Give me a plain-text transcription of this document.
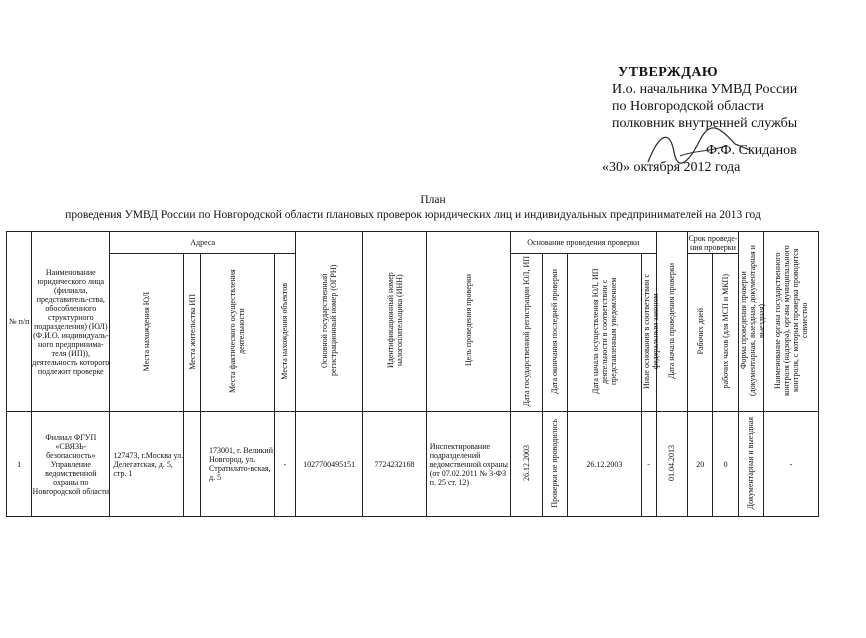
УТВЕРЖДАЮ
И.о. начальника УМВД России
по Новгородской области
полковник внутренней службы
Ф.Ф. Скиданов
«30» октября 2012 года
План
проведения УМВД России по Новгородской области плановых проверок юридических лиц и индивидуальных предпринимателей на 2013 год
№ п/п	Наименование юридического лица (филиала, представитель-ства, обособленного структурного подразделения) (ЮЛ) (Ф.И.О. индивидуаль-ного предпринима-теля (ИП)), деятельность которого подлежит проверке	Адреса				Основной государственный регистрационный номер (ОГРН)	Идентификационный номер налогоплательщика (ИНН)	Цель проведения проверки	Основание проведения проверки				Дата начала проведения проверки	Срок проведе-ния проверки		Форма проведения проверки (документарная, выездная, документарная и выездная)	Наименование органа государственного контроля (надзора), органа муниципального контроля, с которым проверка проводится совместно
		Места нахождения ЮЛ	Места жительства ИП	Места фактического осуществления деятельности	Места нахождения объектов				Дата государственной регистрации ЮЛ, ИП	Дата окончания последней проверки	Дата начала осуществления ЮЛ, ИП деятельности в соответствии с представленным уведомлением	Иные основания в соответствии с федеральным законом		Рабочих дней	рабочих часов (для МСП и МКП)		
1	Филиал ФГУП «СВЯЗЬ-безопасность» Управление ведомственной охраны по Новгородской области	127473, г.Москва ул. Делегатская, д. 5, стр. 1		173001, г. Великий Новгород, ул. Стратилато-вская, д. 5	-	1027700495151	7724232168	Инспектирование подразделений ведомственной охраны (от 07.02.2011 № 3-ФЗ п. 25 ст. 12)	26.12.2003	Проверки не проводились	26.12.2003	-	01.04.2013	20	0	Документарная и выездная	-
